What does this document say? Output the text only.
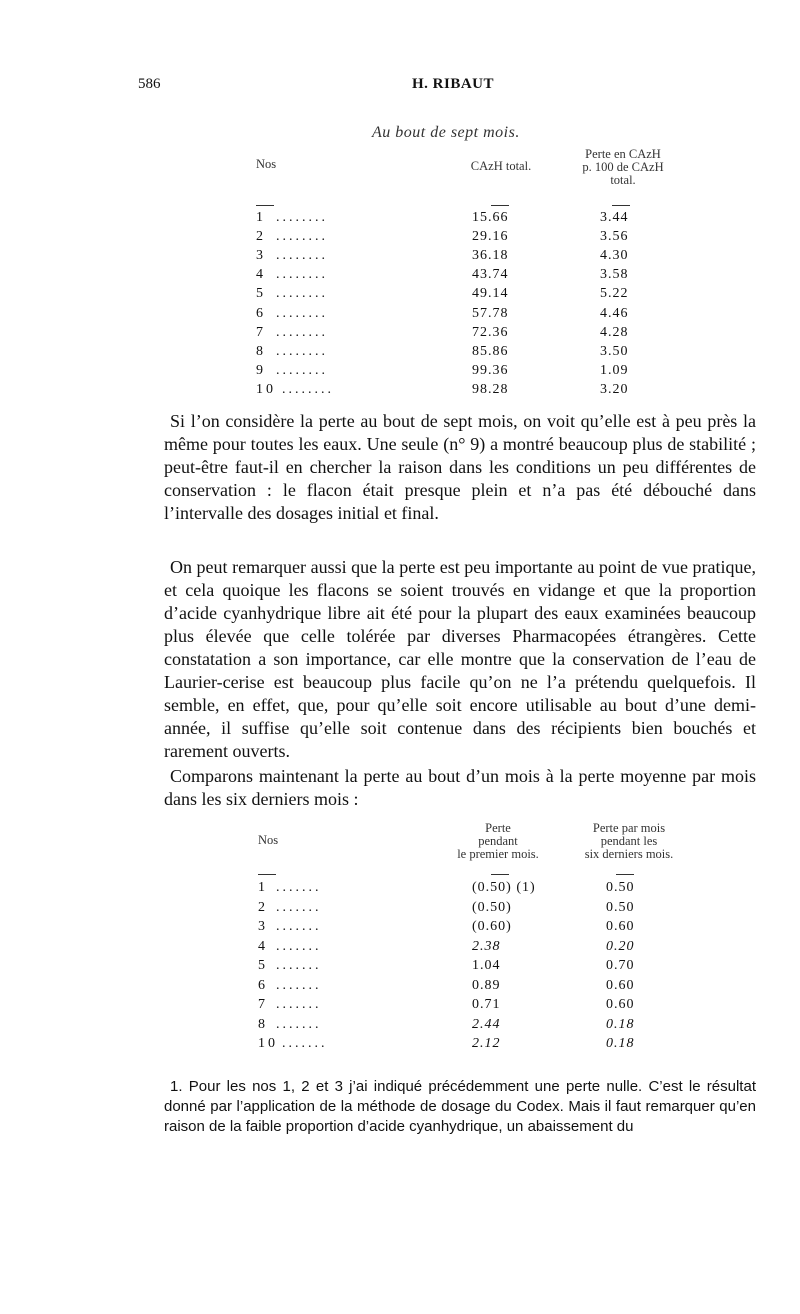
586	H. RIBAUT
Au bout de sept mois.
Nos	CAzH total.
Perte en CAzH
p. 100 de CAzH
total.
1 ........	15.66	3.44
2 ........	29.16	3.56
3 ........	36.18	4.30
4 ........	43.74	3.58
5 ........	49.14	5.22
6 ........	57.78	4.46
7 ........	72.36	4.28
8 ........	85.86	3.50
9 ........	99.36	1.09
10 ........	98.28	3.20
Si l’on considère la perte au bout de sept mois, on voit qu’elle est à peu près la même pour toutes les eaux. Une seule (n° 9) a montré beaucoup plus de stabilité ; peut-être faut-il en chercher la raison dans les conditions un peu différentes de conservation : le flacon était presque plein et n’a pas été débouché dans l’intervalle des dosages initial et final.
On peut remarquer aussi que la perte est peu importante au point de vue pratique, et cela quoique les flacons se soient trouvés en vidange et que la proportion d’acide cyanhydrique libre ait été pour la plupart des eaux examinées beaucoup plus élevée que celle tolérée par diverses Pharmacopées étrangères. Cette constatation a son importance, car elle montre que la conservation de l’eau de Laurier-cerise est beaucoup plus facile qu’on ne l’a prétendu quelquefois. Il semble, en effet, que, pour qu’elle soit encore utilisable au bout d’une demi-année, il suffise qu’elle soit contenue dans des récipients bien bouchés et rarement ouverts.
Comparons maintenant la perte au bout d’un mois à la perte moyenne par mois dans les six derniers mois :
Nos
Perte
pendant
le premier mois.
Perte par mois
pendant les
six derniers mois.
1 .......	(0.50) (1)	0.50
2 .......	(0.50)	0.50
3 .......	(0.60)	0.60
4 .......	2.38	0.20
5 .......	1.04	0.70
6 .......	0.89	0.60
7 .......	0.71	0.60
8 .......	2.44	0.18
10 .......	2.12	0.18
1. Pour les nos 1, 2 et 3 j’ai indiqué précédemment une perte nulle. C’est le résultat donné par l’application de la méthode de dosage du Codex. Mais il faut remarquer qu’en raison de la faible proportion d’acide cyanhydrique, un abaissement du
